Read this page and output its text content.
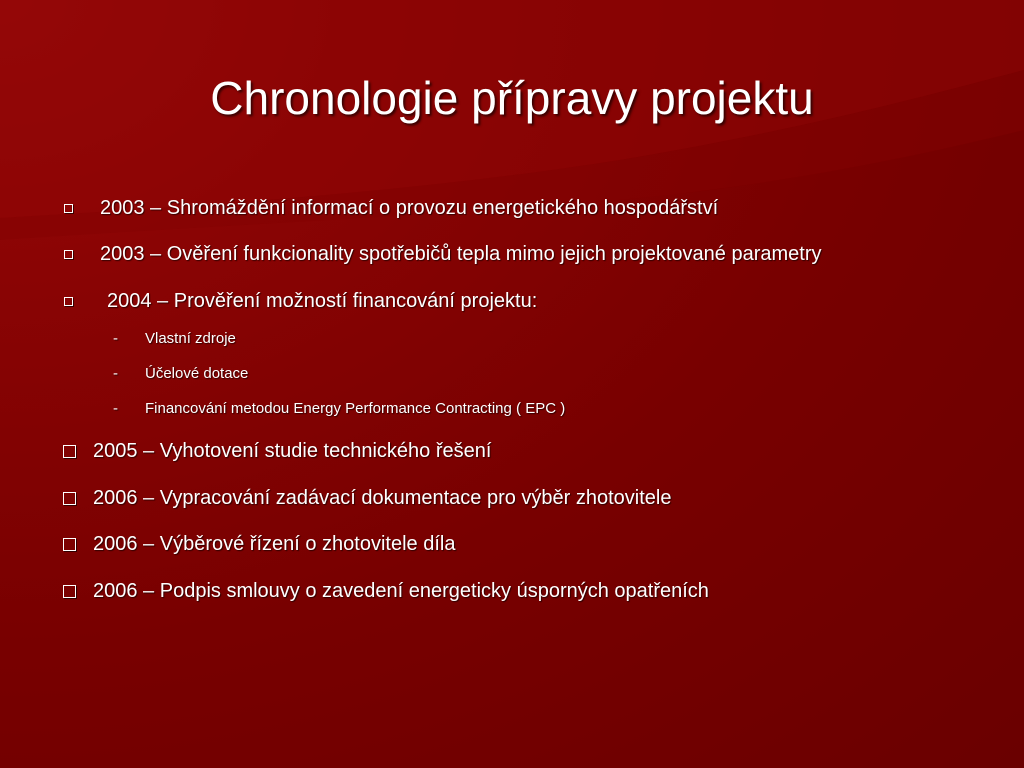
Chronologie přípravy projektu
2003 – Shromáždění informací o provozu energetického hospodářství
2003 – Ověření funkcionality spotřebičů tepla mimo jejich projektované parametry
2004 – Prověření možností financování projektu:
-	Vlastní zdroje
-	Účelové dotace
-	Financování metodou Energy Performance Contracting ( EPC )
2005 – Vyhotovení studie technického řešení
2006 – Vypracování zadávací dokumentace pro výběr zhotovitele
2006 – Výběrové řízení o zhotovitele díla
2006 – Podpis smlouvy o zavedení energeticky úsporných opatřeních
